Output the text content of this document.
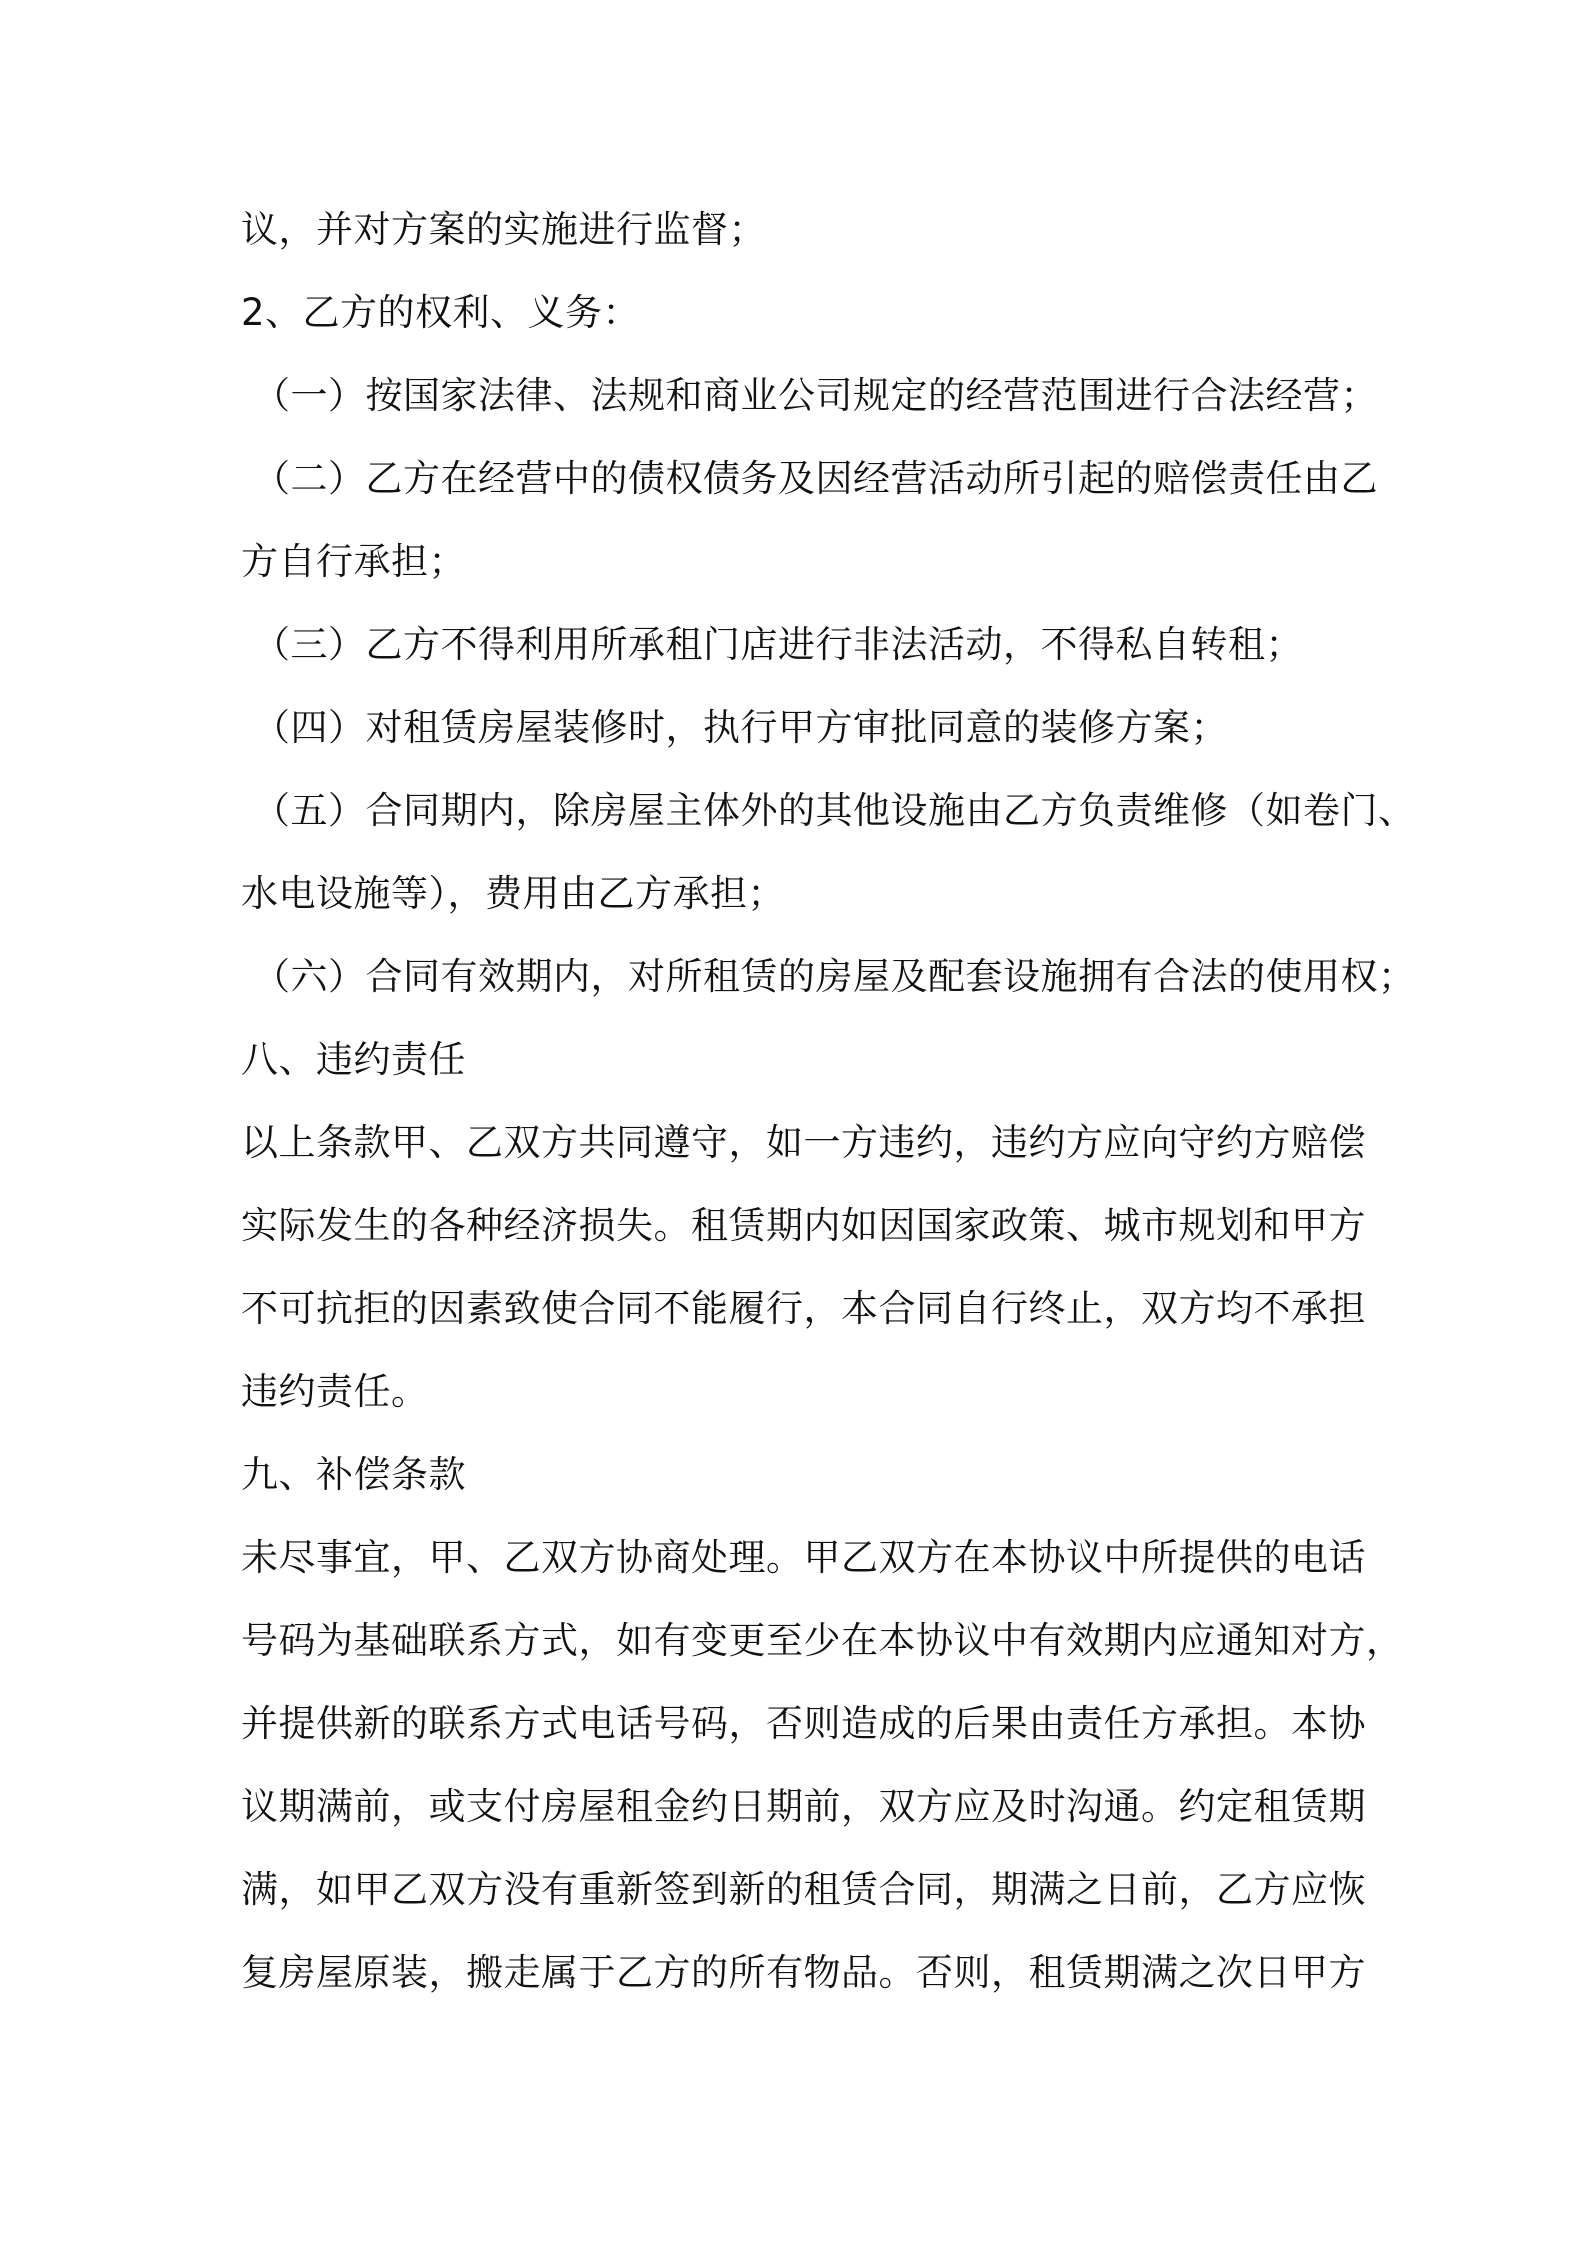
议，并对方案的实施进行监督；
2、乙方的权利、义务：
（一）按国家法律、法规和商业公司规定的经营范围进行合法经营；
（二）乙方在经营中的债权债务及因经营活动所引起的赔偿责任由乙
方自行承担；
（三）乙方不得利用所承租门店进行非法活动，不得私自转租；
（四）对租赁房屋装修时，执行甲方审批同意的装修方案；
（五）合同期内，除房屋主体外的其他设施由乙方负责维修（如卷门、
水电设施等），费用由乙方承担；
（六）合同有效期内，对所租赁的房屋及配套设施拥有合法的使用权；
八、违约责任
以上条款甲、乙双方共同遵守，如一方违约，违约方应向守约方赔偿
实际发生的各种经济损失。租赁期内如因国家政策、城市规划和甲方
不可抗拒的因素致使合同不能履行，本合同自行终止，双方均不承担
违约责任。
九、补偿条款
未尽事宜，甲、乙双方协商处理。甲乙双方在本协议中所提供的电话
号码为基础联系方式，如有变更至少在本协议中有效期内应通知对方，
并提供新的联系方式电话号码，否则造成的后果由责任方承担。本协
议期满前，或支付房屋租金约日期前，双方应及时沟通。约定租赁期
满，如甲乙双方没有重新签到新的租赁合同，期满之日前，乙方应恢
复房屋原装，搬走属于乙方的所有物品。否则，租赁期满之次日甲方
